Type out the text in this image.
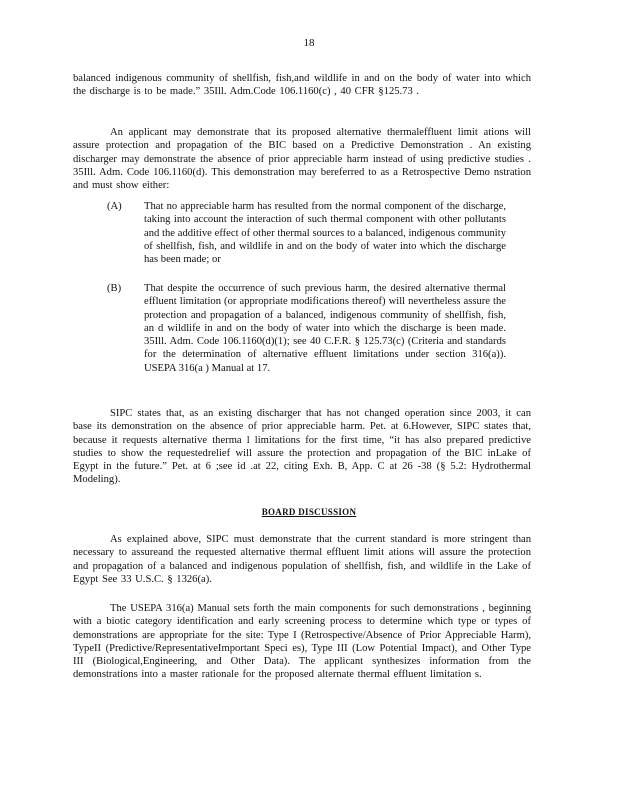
18

balanced indigenous community of shellfish, fish,and wildlife in and on the body of water into which the discharge is to be made.” 35Ill. Adm.Code 106.1160(c) , 40 CFR §125.73 .

An applicant may demonstrate that its proposed alternative thermaleffluent limit ations will assure protection and propagation of the BIC based on a Predictive Demonstration . An existing discharger may demonstrate the absence of prior appreciable harm instead of using predictive studies . 35Ill. Adm. Code 106.1160(d). This demonstration may bereferred to as a Retrospective Demo nstration and must show either:

(A) That no appreciable harm has resulted from the normal component of the discharge, taking into account the interaction of such thermal component with other pollutants and the additive effect of other thermal sources to a balanced, indigenous community of shellfish, fish, and wildlife in and on the body of water into which the discharge has been made; or

(B) That despite the occurrence of such previous harm, the desired alternative thermal effluent limitation (or appropriate modifications thereof) will nevertheless assure the protection and propagation of a balanced, indigenous community of shellfish, fish, an d wildlife in and on the body of water into which the discharge is been made. 35Ill. Adm. Code 106.1160(d)(1); see 40 C.F.R. § 125.73(c) (Criteria and standards for the determination of alternative effluent limitations under section 316(a)). USEPA 316(a ) Manual at 17.

SIPC states that, as an existing discharger that has not changed operation since 2003, it can base its demonstration on the absence of prior appreciable harm. Pet. at 6.However, SIPC states that, because it requests alternative therma l limitations for the first time, “it has also prepared predictive studies to show the requestedrelief will assure the protection and propagation of the BIC inLake of Egypt in the future.” Pet. at 6 ;see id .at 22, citing Exh. B, App. C at 26 -38 (§ 5.2: Hydrothermal Modeling).

BOARD DISCUSSION

As explained above, SIPC must demonstrate that the current standard is more stringent than necessary to assureand the requested alternative thermal effluent limit ations will assure the protection and propagation of a balanced and indigenous population of shellfish, fish, and wildlife in the Lake of Egypt See 33 U.S.C. § 1326(a).

The USEPA 316(a) Manual sets forth the main components for such demonstrations , beginning with a biotic category identification and early screening process to determine which type or types of demonstrations are appropriate for the site: Type I (Retrospective/Absence of Prior Appreciable Harm), TypeII (Predictive/RepresentativeImportant Speci es), Type III (Low Potential Impact), and Other Type III (Biological,Engineering, and Other Data). The applicant synthesizes information from the demonstrations into a master rationale for the proposed alternate thermal effluent limitation s.
